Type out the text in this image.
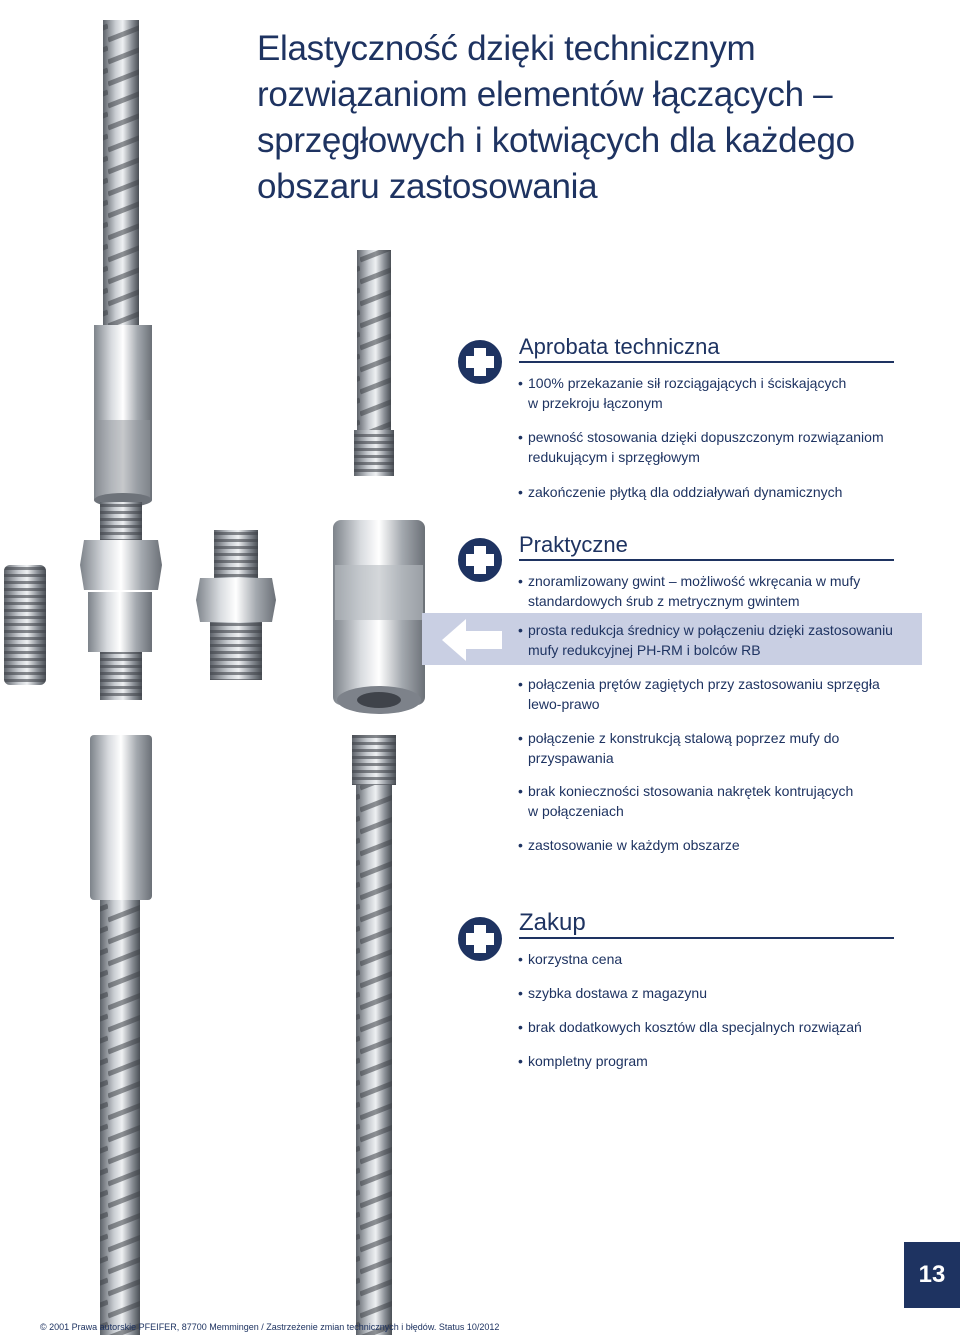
Elastyczność dzięki technicznym
rozwiązaniom elementów łączących –
sprzęgłowych i kotwiących dla każdego
obszaru zastosowania
Aprobata techniczna
• 100% przekazanie sił rozciągających i ściskających
w przekroju łączonym
• pewność stosowania dzięki dopuszczonym rozwiązaniom
redukującym i sprzęgłowym
• zakończenie płytką dla oddziaływań dynamicznych
Praktyczne
• znoramlizowany gwint – możliwość wkręcania w mufy
standardowych śrub z metrycznym gwintem
• prosta redukcja średnicy w połączeniu dzięki zastosowaniu
mufy redukcyjnej PH-RM i bolców RB
• połączenia prętów zagiętych przy zastosowaniu sprzęgła
lewo-prawo
• połączenie z konstrukcją stalową poprzez mufy do
przyspawania
• brak konieczności stosowania nakrętek kontrujących
w połączeniach
• zastosowanie w każdym obszarze
Zakup
• korzystna cena
• szybka dostawa z magazynu
• brak dodatkowych kosztów dla specjalnych rozwiązań
• kompletny program
13
© 2001 Prawa autorskie PFEIFER, 87700 Memmingen / Zastrzeżenie zmian technicznych i błędów. Status 10/2012
